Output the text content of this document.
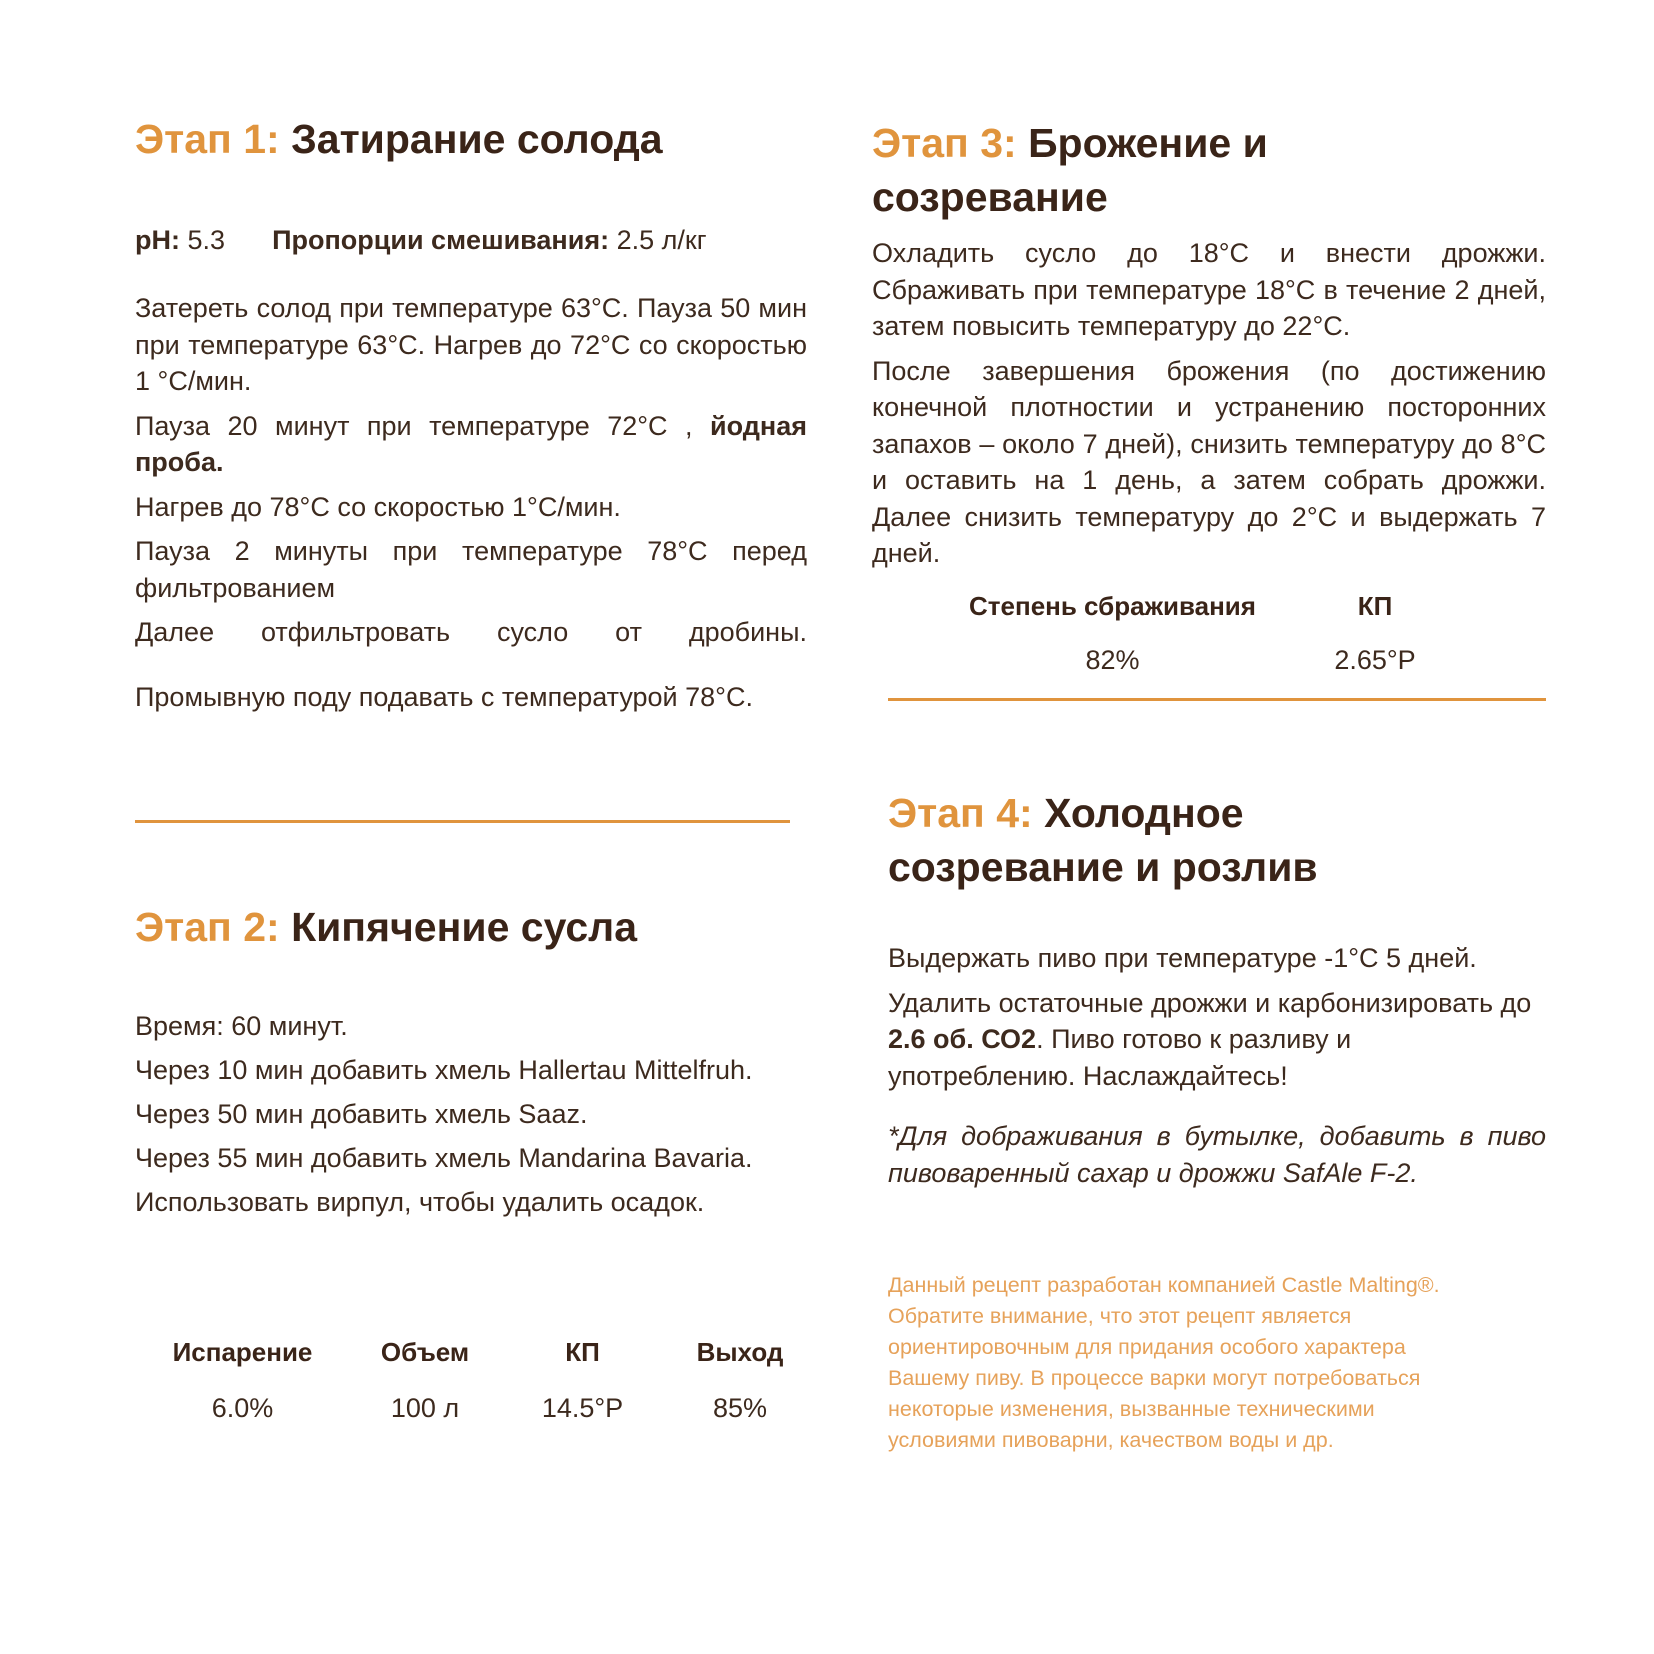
Этап 1: Затирание солода
pH: 5.3 Пропорции смешивания: 2.5 л/кг

Затереть солод при температуре 63°С. Пауза 50 мин при температуре 63°С. Нагрев до 72°С со скоростью 1 °С/мин.

Пауза 20 минут при температуре 72°С , йодная проба.

Нагрев до 78°С со скоростью 1°С/мин.

Пауза 2 минуты при температуре 78°С перед фильтрованием

Далее отфильтровать сусло от дробины.

Промывную поду подавать с температурой 78°С.

Этап 2: Кипячение сусла

Время: 60 минут.

Через 10 мин добавить хмель Hallertau Mittelfruh.

Через 50 мин добавить хмель Saaz.

Через 55 мин добавить хмель Mandarina Bavaria.

Использовать вирпул, чтобы удалить осадок.

Испарение
6.0%
Объем
100 л
КП
14.5°P
Выход
85%
Этап 3: Брожение и
созревание

Охладить сусло до 18°С и внести дрожжи. Сбраживать при температуре 18°С в течение 2 дней, затем повысить температуру до 22°С.

После завершения брожения (по достижению конечной плотностии и устранению посторонних запахов – около 7 дней), снизить температуру до 8°С и оставить на 1 день, а затем собрать дрожжи. Далее снизить температуру до 2°С и выдержать 7 дней.

Степень сбраживания
82%
КП
2.65°P
Этап 4: Холодное
созревание и розлив

Выдержать пиво при температуре -1°С 5 дней.

Удалить остаточные дрожжи и карбонизировать до 2.6 об. СО2. Пиво готово к разливу и употреблению. Наслаждайтесь!

*Для дображивания в бутылке, добавить в пиво пивоваренный сахар и дрожжи SafAle F-2.

Данный рецепт разработан компанией Castle Malting®.

Обратите внимание, что этот рецепт является

ориентировочным для придания особого характера

Вашему пиву. В процессе варки могут потребоваться

некоторые изменения, вызванные техническими

условиями пивоварни, качеством воды и др.
